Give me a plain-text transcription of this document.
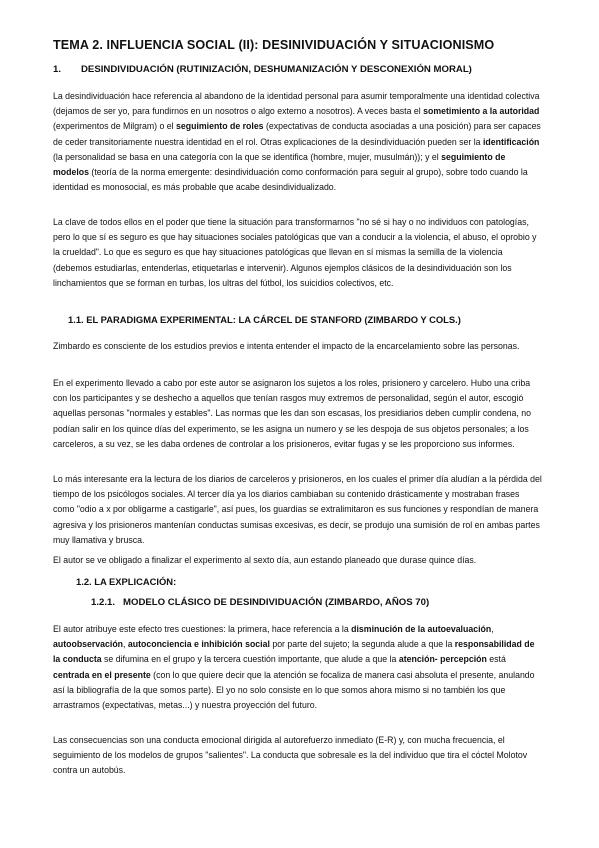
TEMA 2. INFLUENCIA SOCIAL (II): DESINIVIDUACIÓN Y SITUACIONISMO
1. DESINDIVIDUACIÓN (RUTINIZACIÓN, DESHUMANIZACIÓN Y DESCONEXIÓN MORAL)
La desindividuación hace referencia al abandono de la identidad personal para asumir temporalmente una identidad colectiva (dejamos de ser yo, para fundirnos en un nosotros o algo externo a nosotros). A veces basta el sometimiento a la autoridad (experimentos de Milgram) o el seguimiento de roles (expectativas de conducta asociadas a una posición) para ser capaces de ceder transitoriamente nuestra identidad en el rol. Otras explicaciones de la desindividuación pueden ser la identificación (la personalidad se basa en una categoría con la que se identifica (hombre, mujer, musulmán)); y el seguimiento de modelos (teoría de la norma emergente: desindividuación como conformación para seguir al grupo), sobre todo cuando la identidad es monosocial, es más probable que acabe desindividualizado.
La clave de todos ellos en el poder que tiene la situación para transformarnos "no sé si hay o no individuos con patologías, pero lo que sí es seguro es que hay situaciones sociales patológicas que van a conducir a la violencia, el abuso, el oprobio y la crueldad". Lo que es seguro es que hay situaciones patológicas que llevan en sí mismas la semilla de la violencia (debemos estudiarlas, entenderlas, etiquetarlas e intervenir). Algunos ejemplos clásicos de la desindividuación son los linchamientos que se forman en turbas, los ultras del fútbol, los suicidios colectivos, etc.
1.1. EL PARADIGMA EXPERIMENTAL: LA CÁRCEL DE STANFORD (ZIMBARDO Y COLS.)
Zimbardo es consciente de los estudios previos e intenta entender el impacto de la encarcelamiento sobre las personas.
En el experimento llevado a cabo por este autor se asignaron los sujetos a los roles, prisionero y carcelero. Hubo una criba con los participantes y se deshecho a aquellos que tenían rasgos muy extremos de personalidad, según el autor, escogió aquellas personas "normales y estables". Las normas que les dan son escasas, los presidiarios deben cumplir condena, no podían salir en los quince días del experimento, se les asigna un numero y se les despoja de sus objetos personales; a los carceleros, a su vez, se les daba ordenes de controlar a los prisioneros, evitar fugas y se les proporciono sus informes.
Lo más interesante era la lectura de los diarios de carceleros y prisioneros, en los cuales el primer día aludían a la pérdida del tiempo de los psicólogos sociales. Al tercer día ya los diarios cambiaban su contenido drásticamente y mostraban frases como "odio a x por obligarme a castigarle", así pues, los guardias se extralimitaron es sus funciones y respondían de manera agresiva y los prisioneros mantenían conductas sumisas excesivas, es decir, se produjo una sumisión de rol en ambas partes muy llamativa y brusca.
El autor se ve obligado a finalizar el experimento al sexto día, aun estando planeado que durase quince días.
1.2. LA EXPLICACIÓN:
1.2.1. MODELO CLÁSICO DE DESINDIVIDUACIÓN (ZIMBARDO, AÑOS 70)
El autor atribuye este efecto tres cuestiones: la primera, hace referencia a la disminución de la autoevaluación, autoobservación, autoconciencia e inhibición social por parte del sujeto; la segunda alude a que la responsabilidad de la conducta se difumina en el grupo y la tercera cuestión importante, que alude a que la atención- percepción está centrada en el presente (con lo que quiere decir que la atención se focaliza de manera casi absoluta el presente, anulando así la bibliografía de la que somos parte). El yo no solo consiste en lo que somos ahora mismo si no también los que arrastramos (expectativas, metas...) y nuestra proyección del futuro.
Las consecuencias son una conducta emocional dirigida al autorefuerzo inmediato (E-R) y, con mucha frecuencia, el seguimiento de los modelos de grupos "salientes". La conducta que sobresale es la del individuo que tira el cóctel Molotov contra un autobús.
